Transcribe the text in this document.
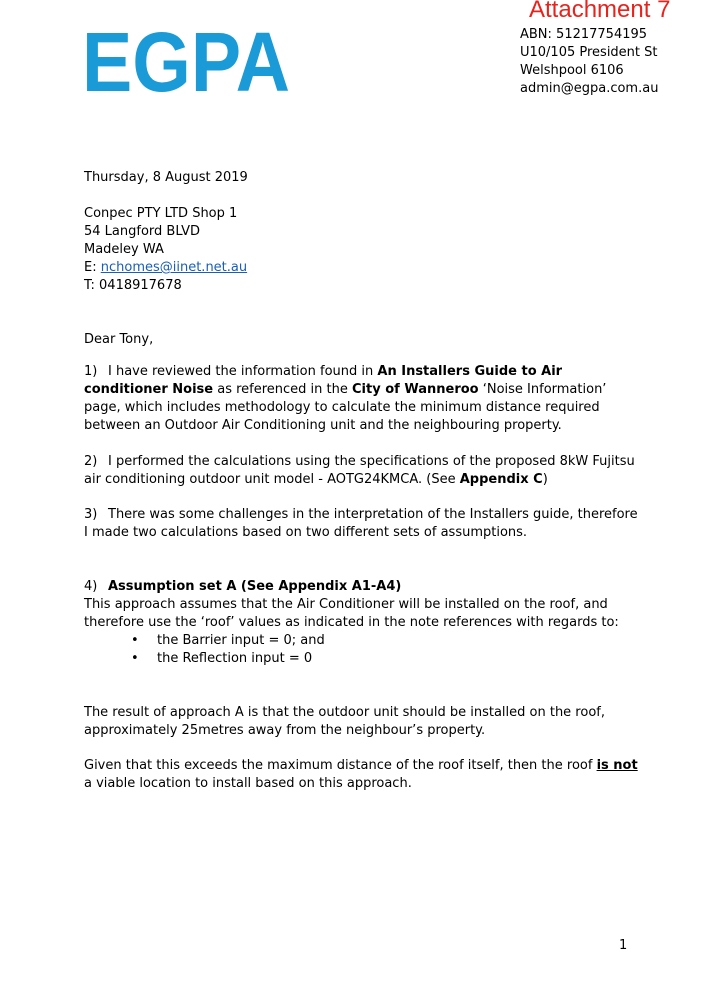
Attachment 7
EGPA	ABN: 51217754195
U10/105 President St
Welshpool 6106
admin@egpa.com.au
Thursday, 8 August 2019
Conpec PTY LTD Shop 1
54 Langford BLVD
Madeley WA
E: nchomes@iinet.net.au
T: 0418917678
Dear Tony,
1) I have reviewed the information found in An Installers Guide to Air conditioner Noise as referenced in the City of Wanneroo ‘Noise Information’ page, which includes methodology to calculate the minimum distance required between an Outdoor Air Conditioning unit and the neighbouring property.
2) I performed the calculations using the specifications of the proposed 8kW Fujitsu air conditioning outdoor unit model - AOTG24KMCA. (See Appendix C)
3) There was some challenges in the interpretation of the Installers guide, therefore I made two calculations based on two different sets of assumptions.
4) Assumption set A (See Appendix A1-A4)
This approach assumes that the Air Conditioner will be installed on the roof, and therefore use the ‘roof’ values as indicated in the note references with regards to:
• the Barrier input = 0; and
• the Reflection input = 0
The result of approach A is that the outdoor unit should be installed on the roof, approximately 25metres away from the neighbour’s property.
Given that this exceeds the maximum distance of the roof itself, then the roof is not a viable location to install based on this approach.
1
